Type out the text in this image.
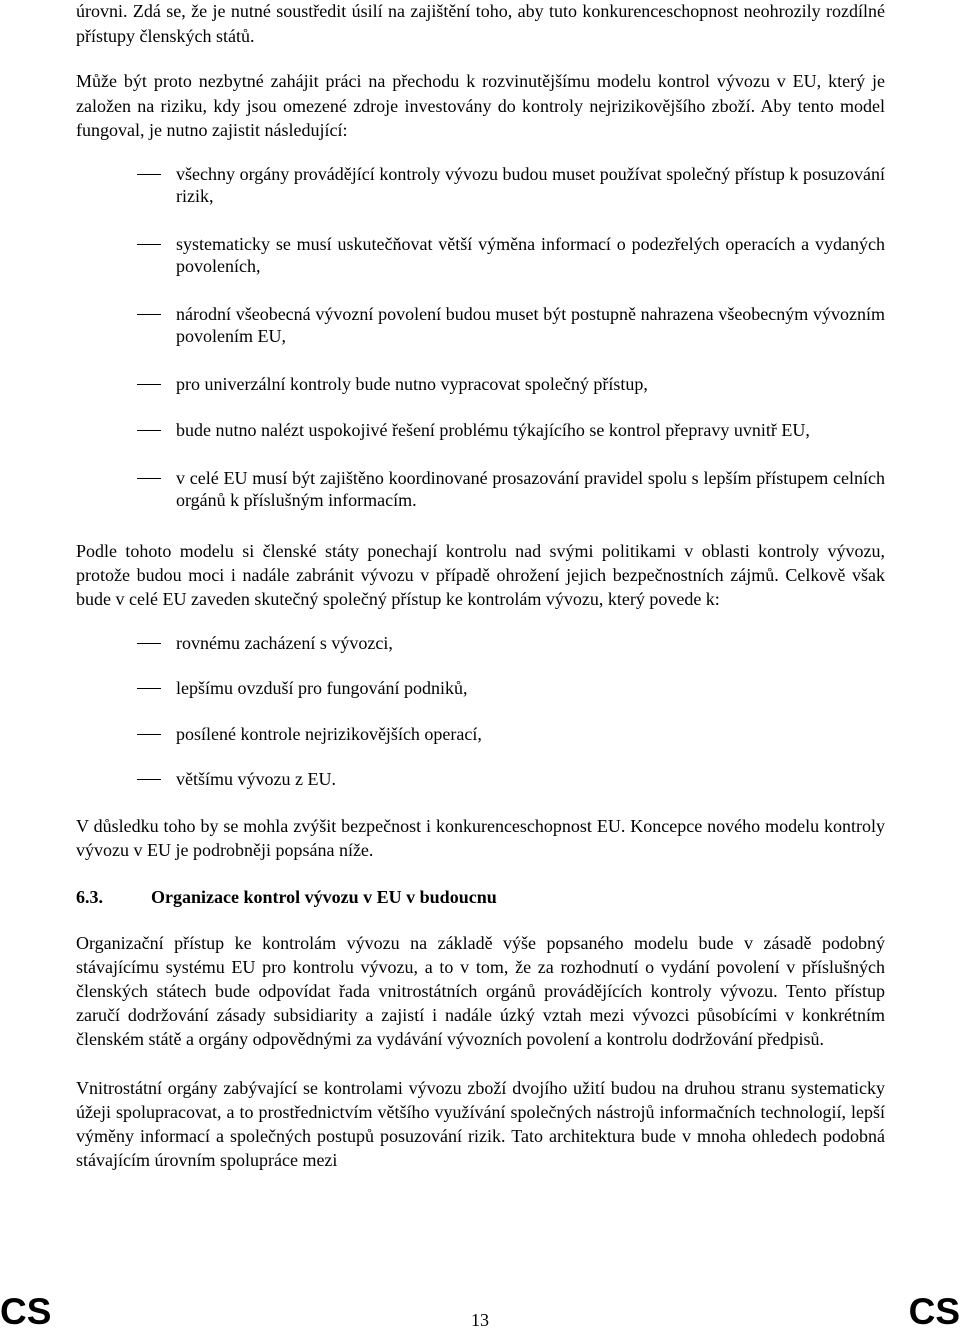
úrovni. Zdá se, že je nutné soustředit úsilí na zajištění toho, aby tuto konkurenceschopnost neohrozily rozdílné přístupy členských států.

Může být proto nezbytné zahájit práci na přechodu k rozvinutějšímu modelu kontrol vývozu v EU, který je založen na riziku, kdy jsou omezené zdroje investovány do kontroly nejrizikovějšího zboží. Aby tento model fungoval, je nutno zajistit následující:

všechny orgány provádějící kontroly vývozu budou muset používat společný přístup k posuzování rizik,
systematicky se musí uskutečňovat větší výměna informací o podezřelých operacích a vydaných povoleních,
národní všeobecná vývozní povolení budou muset být postupně nahrazena všeobecným vývozním povolením EU,
pro univerzální kontroly bude nutno vypracovat společný přístup,
bude nutno nalézt uspokojivé řešení problému týkajícího se kontrol přepravy uvnitř EU,
v celé EU musí být zajištěno koordinované prosazování pravidel spolu s lepším přístupem celních orgánů k příslušným informacím.

Podle tohoto modelu si členské státy ponechají kontrolu nad svými politikami v oblasti kontroly vývozu, protože budou moci i nadále zabránit vývozu v případě ohrožení jejich bezpečnostních zájmů. Celkově však bude v celé EU zaveden skutečný společný přístup ke kontrolám vývozu, který povede k:

rovnému zacházení s vývozci,
lepšímu ovzduší pro fungování podniků,
posílené kontrole nejrizikovějších operací,
většímu vývozu z EU.

V důsledku toho by se mohla zvýšit bezpečnost i konkurenceschopnost EU. Koncepce nového modelu kontroly vývozu v EU je podrobněji popsána níže.

6.3.	Organizace kontrol vývozu v EU v budoucnu

Organizační přístup ke kontrolám vývozu na základě výše popsaného modelu bude v zásadě podobný stávajícímu systému EU pro kontrolu vývozu, a to v tom, že za rozhodnutí o vydání povolení v příslušných členských státech bude odpovídat řada vnitrostátních orgánů provádějících kontroly vývozu. Tento přístup zaručí dodržování zásady subsidiarity a zajistí i nadále úzký vztah mezi vývozci působícími v konkrétním členském státě a orgány odpovědnými za vydávání vývozních povolení a kontrolu dodržování předpisů.

Vnitrostátní orgány zabývající se kontrolami vývozu zboží dvojího užití budou na druhou stranu systematicky úžeji spolupracovat, a to prostřednictvím většího využívání společných nástrojů informačních technologií, lepší výměny informací a společných postupů posuzování rizik. Tato architektura bude v mnoha ohledech podobná stávajícím úrovním spolupráce mezi

CS	13	CS
